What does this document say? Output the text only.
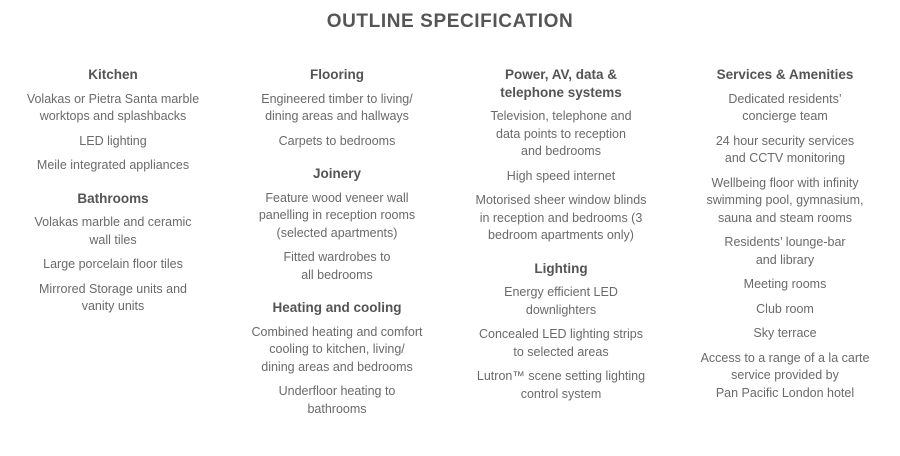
OUTLINE SPECIFICATION
Kitchen
Volakas or Pietra Santa marble
worktops and splashbacks
LED lighting
Meile integrated appliances
Bathrooms
Volakas marble and ceramic
wall tiles
Large porcelain floor tiles
Mirrored Storage units and
vanity units
Flooring
Engineered timber to living/
dining areas and hallways
Carpets to bedrooms
Joinery
Feature wood veneer wall
panelling in reception rooms
(selected apartments)
Fitted wardrobes to
all bedrooms
Heating and cooling
Combined heating and comfort
cooling to kitchen, living/
dining areas and bedrooms
Underfloor heating to
bathrooms
Power, AV, data &
telephone systems
Television, telephone and
data points to reception
and bedrooms
High speed internet
Motorised sheer window blinds
in reception and bedrooms (3
bedroom apartments only)
Lighting
Energy efficient LED
downlighters
Concealed LED lighting strips
to selected areas
Lutron™ scene setting lighting
control system
Services & Amenities
Dedicated residents’
concierge team
24 hour security services
and CCTV monitoring
Wellbeing floor with infinity
swimming pool, gymnasium,
sauna and steam rooms
Residents’ lounge-bar
and library
Meeting rooms
Club room
Sky terrace
Access to a range of a la carte
service provided by
Pan Pacific London hotel
